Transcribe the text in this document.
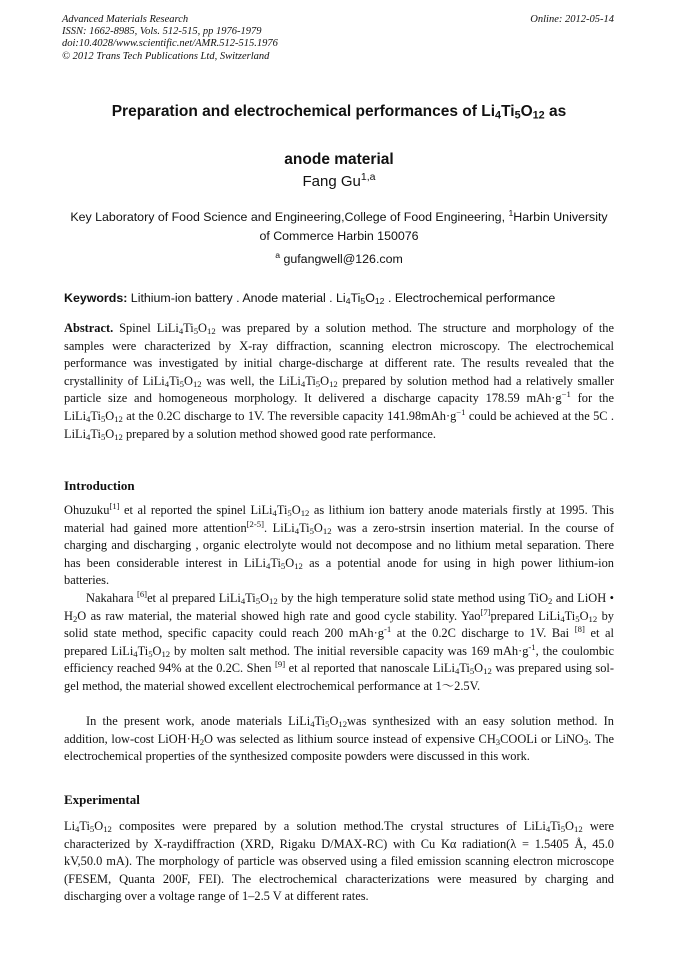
Advanced Materials Research
ISSN: 1662-8985, Vols. 512-515, pp 1976-1979
doi:10.4028/www.scientific.net/AMR.512-515.1976
© 2012 Trans Tech Publications Ltd, Switzerland
Online: 2012-05-14
Preparation and electrochemical performances of $Li_4Ti_5O_{12}$ as
anode material
Fang Gu$^{1,a}$
Key Laboratory of Food Science and Engineering,College of Food Engineering, $^1$Harbin University of Commerce Harbin 150076
$^a$ gufangwell@126.com
Keywords: Lithium-ion battery . Anode material . $Li_4Ti_5O_{12}$ . Electrochemical performance

Abstract. Spinel $LiLi_4Ti_5O_{12}$ was prepared by a solution method. The structure and morphology of the samples were characterized by X-ray diffraction, scanning electron microscopy. The electrochemical performance was investigated by initial charge-discharge at different rate. The results revealed that the crystallinity of $LiLi_4Ti_5O_{12}$ was well, the $LiLi_4Ti_5O_{12}$ prepared by solution method had a relatively smaller particle size and homogeneous morphology. It delivered a discharge capacity 178.59 $mAh\cdot g^{-1}$ for the $LiLi_4Ti_5O_{12}$ at the 0.2C discharge to 1V. The reversible capacity $141.98mAh\cdot g^{-1}$ could be achieved at the 5C . $LiLi_4Ti_5O_{12}$ prepared by a solution method showed good rate performance.

Introduction

Ohuzuku[1] et al reported the spinel $LiLi_4Ti_5O_{12}$ as lithium ion battery anode materials firstly at 1995. This material had gained more attention[2-5]. $LiLi_4Ti_5O_{12}$ was a zero-strsin insertion material. In the course of charging and discharging , organic electrolyte would not decompose and no lithium metal separation. There has been considerable interest in $LiLi_4Ti_5O_{12}$ as a potential anode for using in high power lithium-ion batteries.

Nakahara [6]et al prepared $LiLi_4Ti_5O_{12}$ by the high temperature solid state method using TiO$_2$ and LiOH • $H_2O$ as raw material, the material showed high rate and good cycle stability. Yao[7]prepared $LiLi_4Ti_5O_{12}$ by solid state method, specific capacity could reach 200 $mAh\cdot g^{-1}$ at the 0.2C discharge to 1V. Bai [8] et al prepared $LiLi_4Ti_5O_{12}$ by molten salt method. The initial reversible capacity was 169 $mAh\cdot g^{-1}$, the coulombic efficiency reached 94% at the 0.2C. Shen [9] et al reported that nanoscale $LiLi_4Ti_5O_{12}$ was prepared using sol-gel method, the material showed excellent electrochemical performance at 1～2.5V.

In the present work, anode materials $LiLi_4Ti_5O_{12}was$ synthesized with an easy solution method. In addition, low-cost $LiOH\cdot H_2O$ was selected as lithium source instead of expensive $CH_3COOLi$ or LiNO$_3$. The electrochemical properties of the synthesized composite powders were discussed in this work.

Experimental

$Li_4Ti_5O_{12}$ composites were prepared by a solution method.The crystal structures of $LiLi_4Ti_5O_{12}$ were characterized by X-raydiffraction (XRD, Rigaku D/MAX-RC) with Cu Kα radiation(λ = 1.5405 Å, 45.0 kV,50.0 mA). The morphology of particle was observed using a filed emission scanning electron microscope (FESEM, Quanta 200F, FEI). The electrochemical characterizations were measured by charging and discharging over a voltage range of 1–2.5 V at different rates.
